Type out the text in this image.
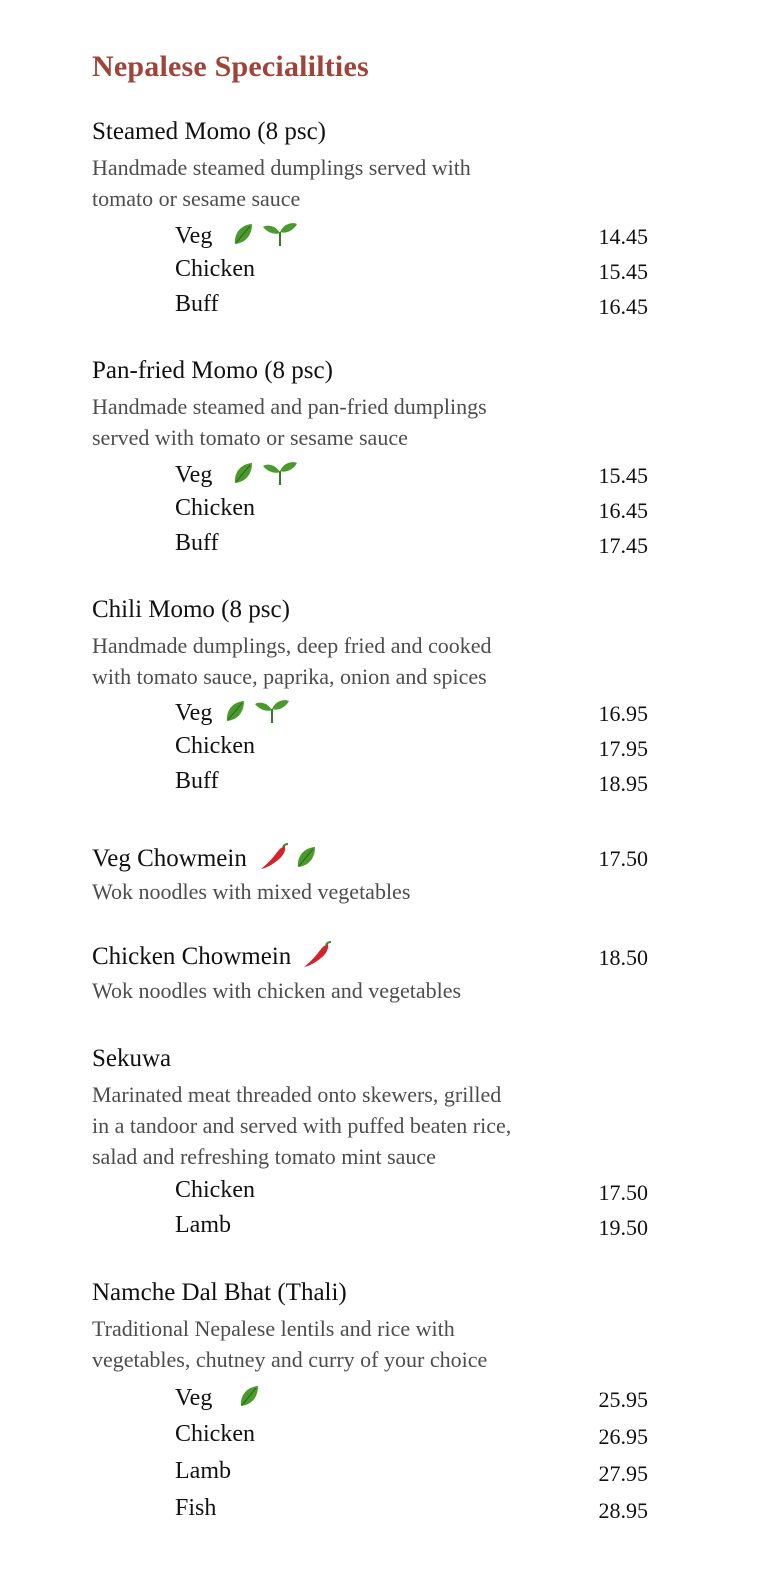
Nepalese Specialilties
Steamed Momo (8 psc)
Handmade steamed dumplings served with
tomato or sesame sauce
Veg	14.45
Chicken	15.45
Buff	16.45
Pan-fried Momo (8 psc)
Handmade steamed and pan-fried dumplings
served with tomato or sesame sauce
Veg	15.45
Chicken	16.45
Buff	17.45
Chili Momo (8 psc)
Handmade dumplings, deep fried and cooked
with tomato sauce, paprika, onion and spices
Veg	16.95
Chicken	17.95
Buff	18.95
Veg Chowmein	17.50
Wok noodles with mixed vegetables
Chicken Chowmein	18.50
Wok noodles with chicken and vegetables
Sekuwa
Marinated meat threaded onto skewers, grilled
in a tandoor and served with puffed beaten rice,
salad and refreshing tomato mint sauce
Chicken	17.50
Lamb	19.50
Namche Dal Bhat (Thali)
Traditional Nepalese lentils and rice with
vegetables, chutney and curry of your choice
Veg	25.95
Chicken	26.95
Lamb	27.95
Fish	28.95
